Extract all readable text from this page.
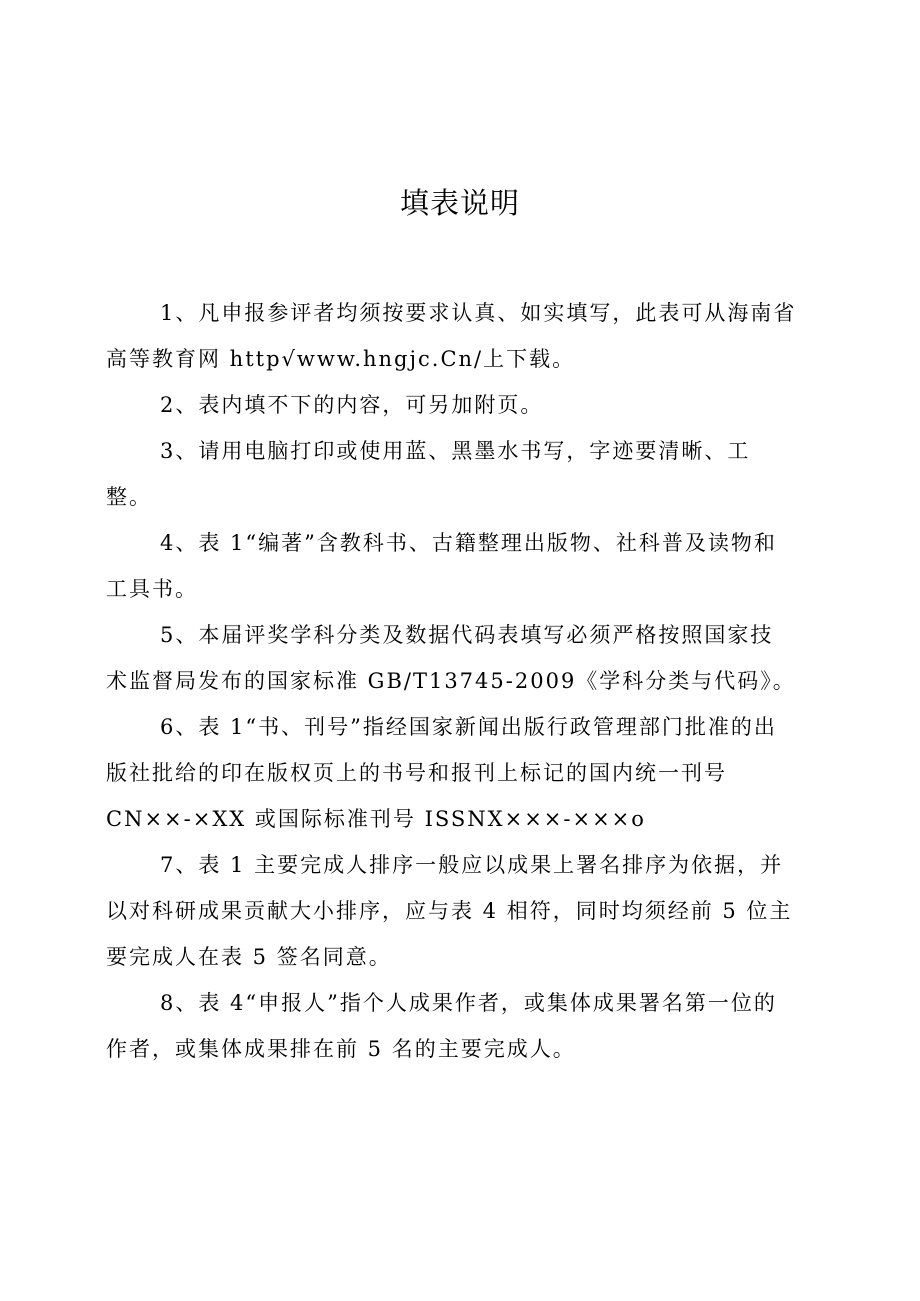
填表说明
1、凡申报参评者均须按要求认真、如实填写，此表可从海南省
高等教育网 http√www.hngjc.Cn/上下载。
2、表内填不下的内容，可另加附页。
3、请用电脑打印或使用蓝、黑墨水书写，字迹要清晰、工
整。
4、表 1“编著”含教科书、古籍整理出版物、社科普及读物和
工具书。
5、本届评奖学科分类及数据代码表填写必须严格按照国家技
术监督局发布的国家标准 GB/T13745-2009《学科分类与代码》。
6、表 1“书、刊号”指经国家新闻出版行政管理部门批准的出
版社批给的印在版权页上的书号和报刊上标记的国内统一刊号
CN××-×XX 或国际标准刊号 ISSNX×××-×××o
7、表 1 主要完成人排序一般应以成果上署名排序为依据，并
以对科研成果贡献大小排序，应与表 4 相符，同时均须经前 5 位主
要完成人在表 5 签名同意。
8、表 4“申报人”指个人成果作者，或集体成果署名第一位的
作者，或集体成果排在前 5 名的主要完成人。
